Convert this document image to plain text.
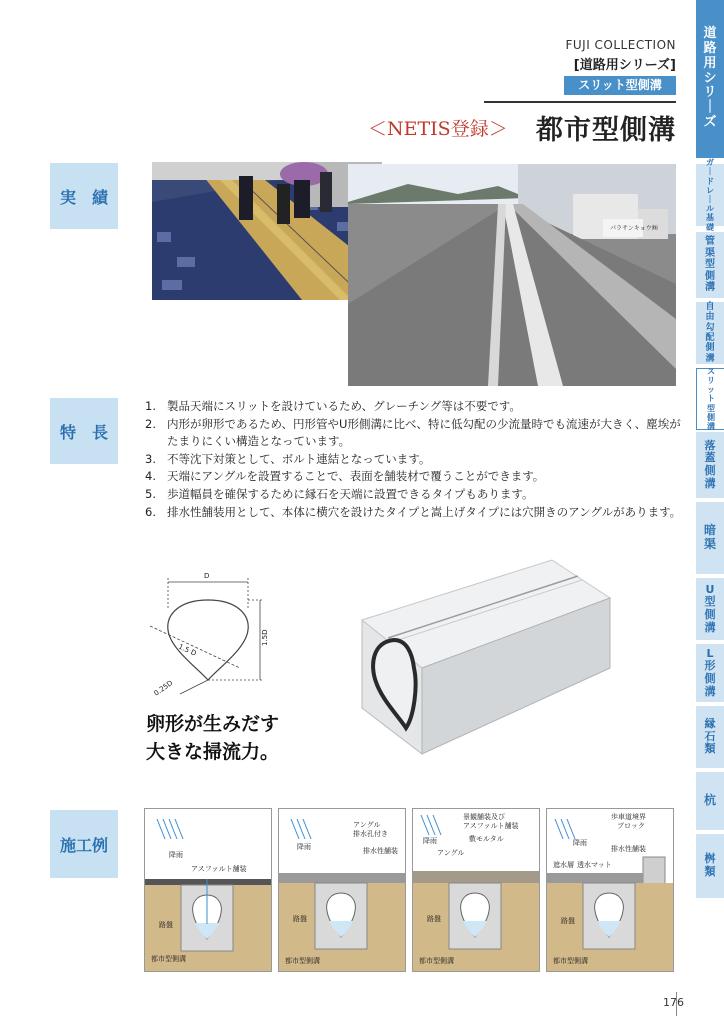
FUJI COLLECTION
[道路用シリーズ]
スリット型側溝
＜NETIS登録＞ 都市型側溝
実　績
パラサンキョウ㈱
特　長
1. 製品天端にスリットを設けているため、グレーチング等は不要です。
2. 内形が卵形であるため、円形管やU形側溝に比べ、特に低勾配の少流量時でも流速が大きく、塵埃がたまりにくい構造となっています。
3. 不等沈下対策として、ボルト連結となっています。
4. 天端にアングルを設置することで、表面を舗装材で覆うことができます。
5. 歩道幅員を確保するために縁石を天端に設置できるタイプもあります。
6. 排水性舗装用として、本体に横穴を設けたタイプと嵩上げタイプには穴開きのアングルがあります。
D
1.5 D
1.5D
0.25D
卵形が生みだす
大きな掃流力。
施工例
降雨
アスファルト舗装
路盤
都市型側溝
降雨
アングル
排水孔付き
排水性舗装
路盤
都市型側溝
降雨
景観舗装及び
アスファルト舗装
敷モルタル
アングル
路盤
都市型側溝
降雨
歩車道境界
ブロック
排水性舗装
遮水層 透水マット
路盤
都市型側溝
道
路
用
シ
リ
｜
ズ
ガ
｜
ド
レ
｜
ル
基
礎
管
渠
型
側
溝
自
由
勾
配
側
溝
ス
リ
ッ
ト
型
側
溝
落
蓋
側
溝
暗
渠
U
型
側
溝
L
形
側
溝
縁
石
類
杭
桝
類
176
